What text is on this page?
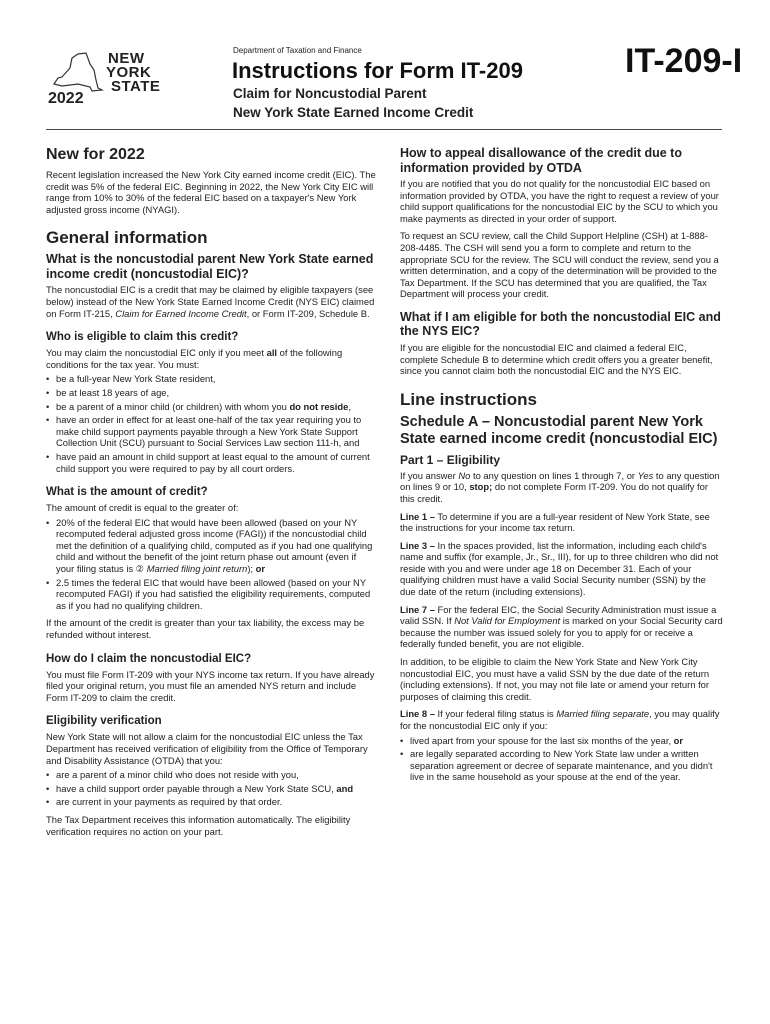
NEW
YORK
STATE
2022
Department of Taxation and Finance
Instructions for Form IT-209	IT-209-I
Claim for Noncustodial Parent
New York State Earned Income Credit
New for 2022

Recent legislation increased the New York City earned income credit (EIC). The credit was 5% of the federal EIC. Beginning in 2022, the New York City EIC will range from 10% to 30% of the federal EIC based on a taxpayer's New York adjusted gross income (NYAGI).

General information
What is the noncustodial parent New York State earned income credit (noncustodial EIC)?

The noncustodial EIC is a credit that may be claimed by eligible taxpayers (see below) instead of the New York State Earned Income Credit (NYS EIC) claimed on Form IT-215, Claim for Earned Income Credit, or Form IT-209, Schedule B.

Who is eligible to claim this credit?

You may claim the noncustodial EIC only if you meet all of the following conditions for the tax year. You must:

• be a full-year New York State resident,
• be at least 18 years of age,
• be a parent of a minor child (or children) with whom you do not reside,
• have an order in effect for at least one-half of the tax year requiring you to make child support payments payable through a New York State Support Collection Unit (SCU) pursuant to Social Services Law section 111-h, and
• have paid an amount in child support at least equal to the amount of current child support you were required to pay by all court orders.
What is the amount of credit?

The amount of credit is equal to the greater of:

• 20% of the federal EIC that would have been allowed (based on your NY recomputed federal adjusted gross income (FAGI)) if the noncustodial child met the definition of a qualifying child, computed as if you had one qualifying child and without the benefit of the joint return phase out amount (even if your filing status is ② Married filing joint return); or
• 2.5 times the federal EIC that would have been allowed (based on your NY recomputed FAGI) if you had satisfied the eligibility requirements, computed as if you had no qualifying children.

If the amount of the credit is greater than your tax liability, the excess may be refunded without interest.

How do I claim the noncustodial EIC?

You must file Form IT-209 with your NYS income tax return. If you have already filed your original return, you must file an amended NYS return and include Form IT-209 to claim the credit.

Eligibility verification

New York State will not allow a claim for the noncustodial EIC unless the Tax Department has received verification of eligibility from the Office of Temporary and Disability Assistance (OTDA) that you:

• are a parent of a minor child who does not reside with you,
• have a child support order payable through a New York State SCU, and
• are current in your payments as required by that order.

The Tax Department receives this information automatically. The eligibility verification requires no action on your part.

How to appeal disallowance of the credit due to information provided by OTDA

If you are notified that you do not qualify for the noncustodial EIC based on information provided by OTDA, you have the right to request a review of your child support qualifications for the noncustodial EIC by the SCU to which you make payments as directed in your order of support.

To request an SCU review, call the Child Support Helpline (CSH) at 1-888-208-4485. The CSH will send you a form to complete and return to the appropriate SCU for the review. The SCU will conduct the review, send you a written determination, and a copy of the determination will be provided to the Tax Department. If the SCU has determined that you are qualified, the Tax Department will process your credit.

What if I am eligible for both the noncustodial EIC and the NYS EIC?

If you are eligible for the noncustodial EIC and claimed a federal EIC, complete Schedule B to determine which credit offers you a greater benefit, since you cannot claim both the noncustodial EIC and the NYS EIC.

Line instructions
Schedule A – Noncustodial parent New York State earned income credit (noncustodial EIC)
Part 1 – Eligibility

If you answer No to any question on lines 1 through 7, or Yes to any question on lines 9 or 10, stop; do not complete Form IT-209. You do not qualify for this credit.

Line 1 – To determine if you are a full-year resident of New York State, see the instructions for your income tax return.

Line 3 – In the spaces provided, list the information, including each child's name and suffix (for example, Jr., Sr., III), for up to three children who did not reside with you and were under age 18 on December 31. Each of your qualifying children must have a valid Social Security number (SSN) by the due date of the return (including extensions).

Line 7 – For the federal EIC, the Social Security Administration must issue a valid SSN. If Not Valid for Employment is marked on your Social Security card because the number was issued solely for you to apply for or receive a federally funded benefit, you are not eligible.

In addition, to be eligible to claim the New York State and New York City noncustodial EIC, you must have a valid SSN by the due date of the return (including extensions). If not, you may not file late or amend your return for purposes of claiming this credit.

Line 8 – If your federal filing status is Married filing separate, you may qualify for the noncustodial EIC only if you:

• lived apart from your spouse for the last six months of the year, or
• are legally separated according to New York State law under a written separation agreement or decree of separate maintenance, and you didn't live in the same household as your spouse at the end of the year.
